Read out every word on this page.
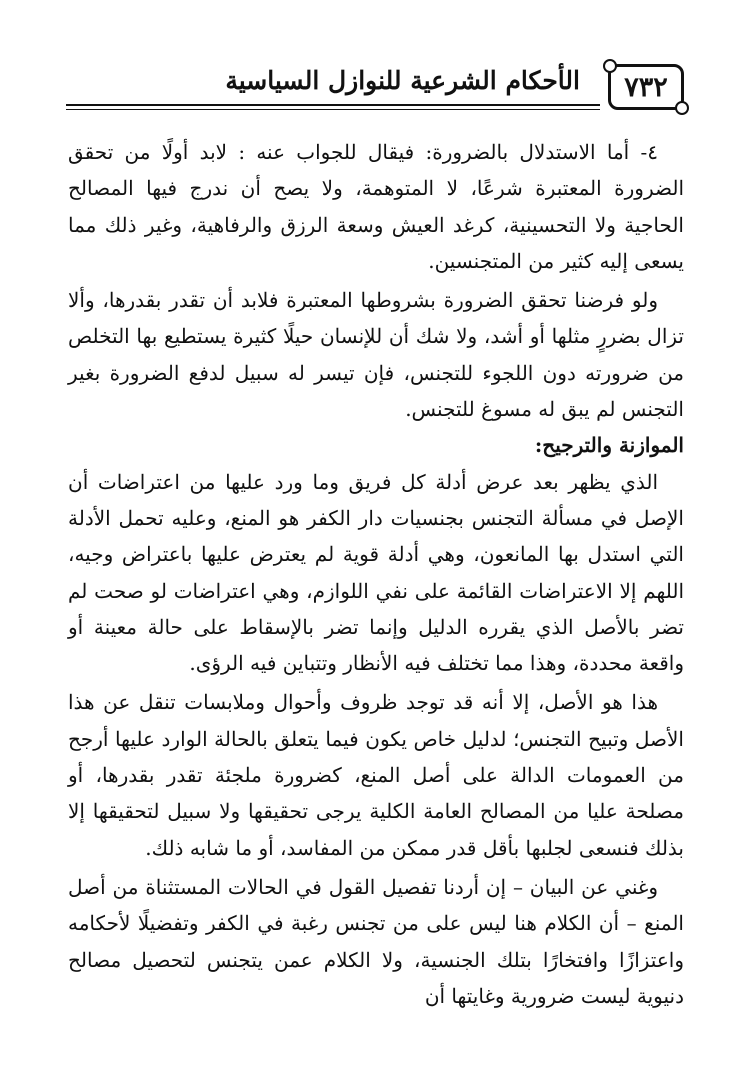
الأحكام الشرعية للنوازل السياسية	٧٣٢

٤- أما الاستدلال بالضرورة: فيقال للجواب عنه : لابد أولًا من تحقق الضرورة المعتبرة شرعًا، لا المتوهمة، ولا يصح أن ندرج فيها المصالح الحاجية ولا التحسينية، كرغد العيش وسعة الرزق والرفاهية، وغير ذلك مما يسعى إليه كثير من المتجنسين.

ولو فرضنا تحقق الضرورة بشروطها المعتبرة فلابد أن تقدر بقدرها، وألا تزال بضررٍ مثلها أو أشد، ولا شك أن للإنسان حيلًا كثيرة يستطيع بها التخلص من ضرورته دون اللجوء للتجنس، فإن تيسر له سبيل لدفع الضرورة بغير التجنس لم يبق له مسوغ للتجنس.

الموازنة والترجيح:

الذي يظهر بعد عرض أدلة كل فريق وما ورد عليها من اعتراضات أن الإصل في مسألة التجنس بجنسيات دار الكفر هو المنع، وعليه تحمل الأدلة التي استدل بها المانعون، وهي أدلة قوية لم يعترض عليها باعتراض وجيه، اللهم إلا الاعتراضات القائمة على نفي اللوازم، وهي اعتراضات لو صحت لم تضر بالأصل الذي يقرره الدليل وإنما تضر بالإسقاط على حالة معينة أو واقعة محددة، وهذا مما تختلف فيه الأنظار وتتباين فيه الرؤى.

هذا هو الأصل، إلا أنه قد توجد ظروف وأحوال وملابسات تنقل عن هذا الأصل وتبيح التجنس؛ لدليل خاص يكون فيما يتعلق بالحالة الوارد عليها أرجح من العمومات الدالة على أصل المنع، كضرورة ملجئة تقدر بقدرها، أو مصلحة عليا من المصالح العامة الكلية يرجى تحقيقها ولا سبيل لتحقيقها إلا بذلك فنسعى لجلبها بأقل قدر ممكن من المفاسد، أو ما شابه ذلك.

وغني عن البيان – إن أردنا تفصيل القول في الحالات المستثناة من أصل المنع – أن الكلام هنا ليس على من تجنس رغبة في الكفر وتفضيلًا لأحكامه واعتزازًا وافتخارًا بتلك الجنسية، ولا الكلام عمن يتجنس لتحصيل مصالح دنيوية ليست ضرورية وغايتها أن
